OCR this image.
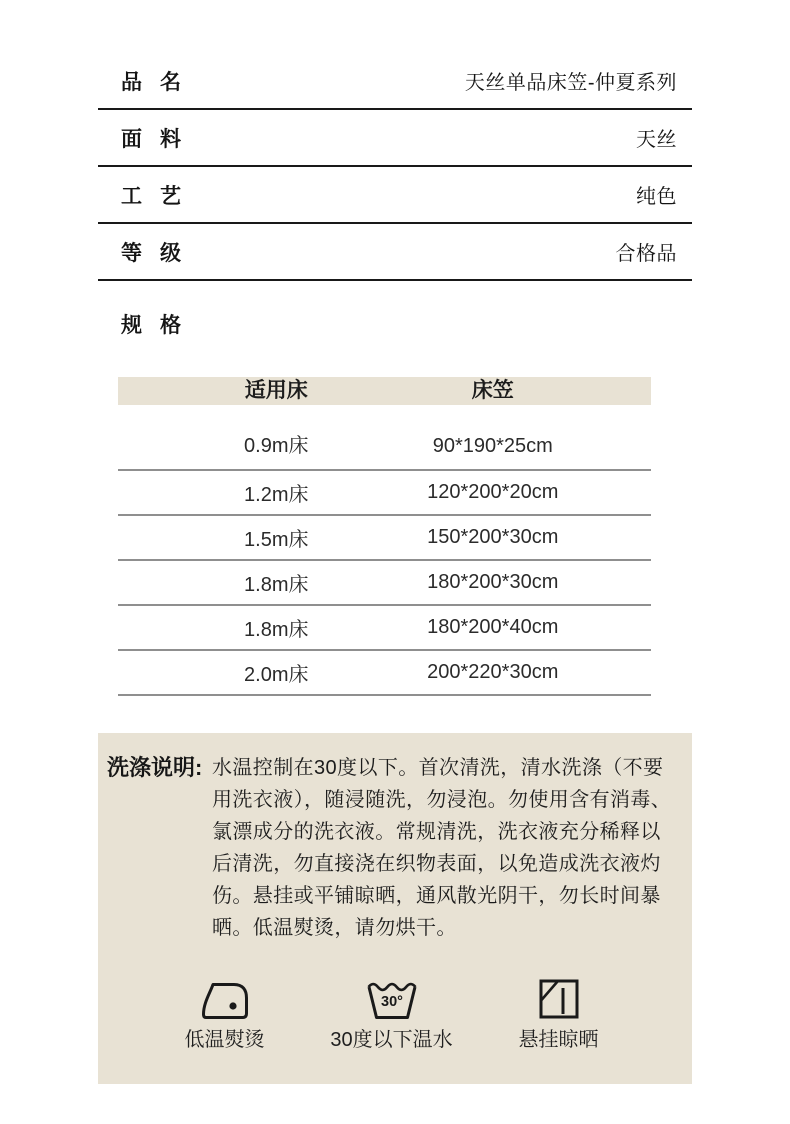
品名	天丝单品床笠-仲夏系列
面料	天丝
工艺	纯色
等级	合格品
规格
适用床	床笠
0.9m床	90*190*25cm
1.2m床	120*200*20cm
1.5m床	150*200*30cm
1.8m床	180*200*30cm
1.8m床	180*200*40cm
2.0m床	200*220*30cm
洗涤说明: 水温控制在30度以下。首次清洗，清水洗涤（不要
用洗衣液），随浸随洗，勿浸泡。勿使用含有消毒、
氯漂成分的洗衣液。常规清洗，洗衣液充分稀释以
后清洗，勿直接浇在织物表面，以免造成洗衣液灼
伤。悬挂或平铺晾晒，通风散光阴干，勿长时间暴
晒。低温熨烫，请勿烘干。
低温熨烫
30°
30度以下温水	悬挂晾晒
